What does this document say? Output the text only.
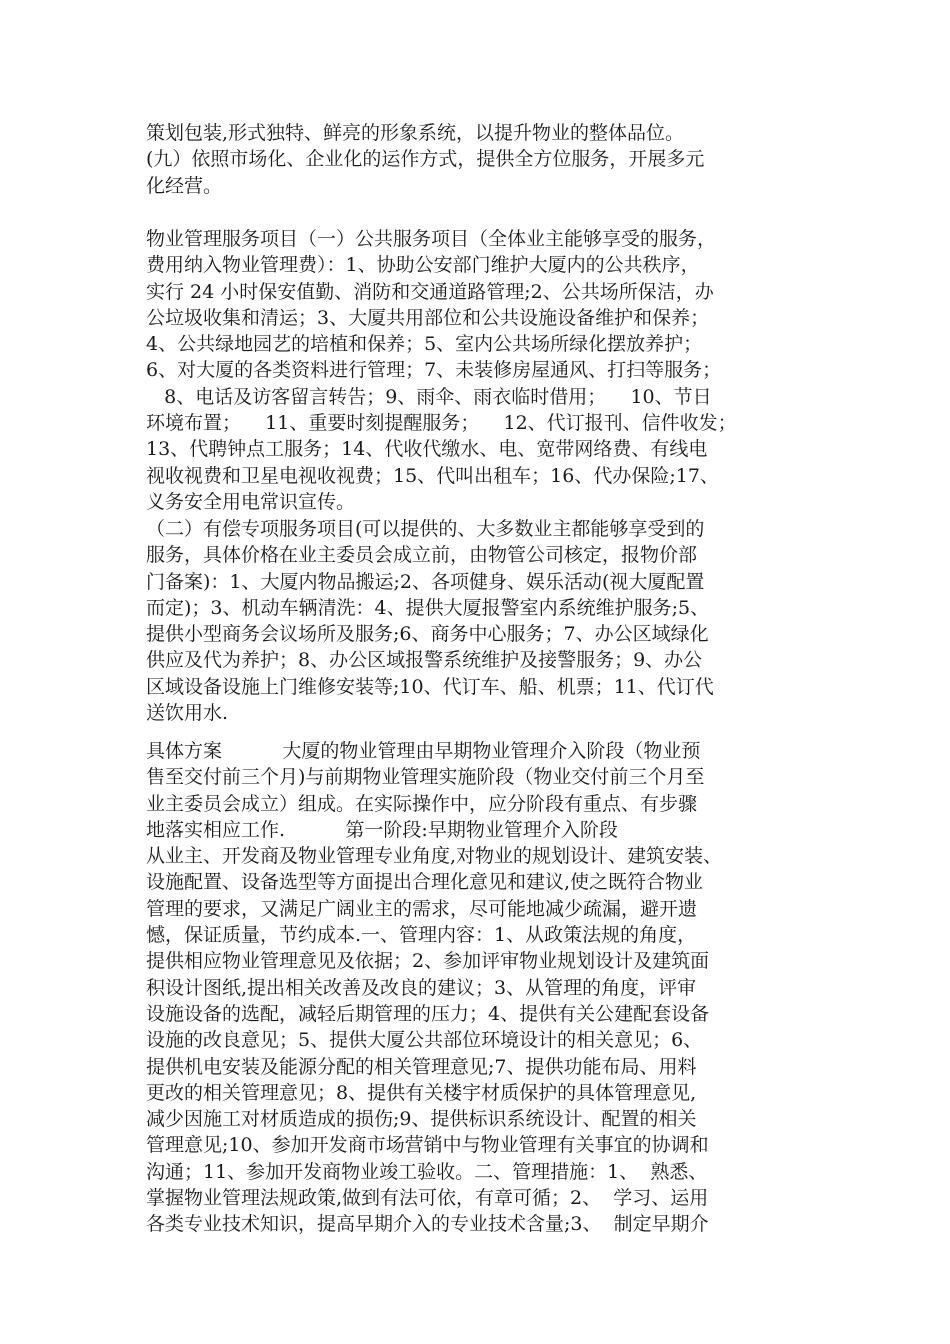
策划包装,形式独特、鲜亮的形象系统，以提升物业的整体品位。
(九）依照市场化、企业化的运作方式，提供全方位服务，开展多元
化经营。
物业管理服务项目（一）公共服务项目（全体业主能够享受的服务，
费用纳入物业管理费）：1、协助公安部门维护大厦内的公共秩序，
实行 24 小时保安值勤、消防和交通道路管理;2、公共场所保洁，办
公垃圾收集和清运；3、大厦共用部位和公共设施设备维护和保养；
4、公共绿地园艺的培植和保养；5、室内公共场所绿化摆放养护；
6、对大厦的各类资料进行管理；7、未装修房屋通风、打扫等服务；
8、电话及访客留言转告；9、雨伞、雨衣临时借用；    10、节日
环境布置；    11、重要时刻提醒服务；    12、代订报刊、信件收发；
13、代聘钟点工服务；14、代收代缴水、电、宽带网络费、有线电
视收视费和卫星电视收视费；15、代叫出租车；16、代办保险;17、
义务安全用电常识宣传。
（二）有偿专项服务项目(可以提供的、大多数业主都能够享受到的
服务，具体价格在业主委员会成立前，由物管公司核定，报物价部
门备案)：1、大厦内物品搬运;2、各项健身、娱乐活动(视大厦配置
而定)；3、机动车辆清洗：4、提供大厦报警室内系统维护服务;5、
提供小型商务会议场所及服务;6、商务中心服务；7、办公区域绿化
供应及代为养护；8、办公区域报警系统维护及接警服务；9、办公
区域设备设施上门维修安装等;10、代订车、船、机票；11、代订代
送饮用水.
具体方案          大厦的物业管理由早期物业管理介入阶段（物业预
售至交付前三个月)与前期物业管理实施阶段（物业交付前三个月至
业主委员会成立）组成。在实际操作中，应分阶段有重点、有步骤
地落实相应工作.          第一阶段:早期物业管理介入阶段
从业主、开发商及物业管理专业角度,对物业的规划设计、建筑安装、
设施配置、设备选型等方面提出合理化意见和建议,使之既符合物业
管理的要求，又满足广阔业主的需求，尽可能地减少疏漏，避开遗
憾，保证质量，节约成本.一、管理内容：1、从政策法规的角度，
提供相应物业管理意见及依据；2、参加评审物业规划设计及建筑面
积设计图纸,提出相关改善及改良的建议；3、从管理的角度，评审
设施设备的选配，减轻后期管理的压力；4、提供有关公建配套设备
设施的改良意见；5、提供大厦公共部位环境设计的相关意见；6、
提供机电安装及能源分配的相关管理意见;7、提供功能布局、用料
更改的相关管理意见；8、提供有关楼宇材质保护的具体管理意见,
减少因施工对材质造成的损伤;9、提供标识系统设计、配置的相关
管理意见;10、参加开发商市场营销中与物业管理有关事宜的协调和
沟通；11、参加开发商物业竣工验收。二、管理措施：1、  熟悉、
掌握物业管理法规政策,做到有法可依，有章可循；2、  学习、运用
各类专业技术知识，提高早期介入的专业技术含量;3、  制定早期介
